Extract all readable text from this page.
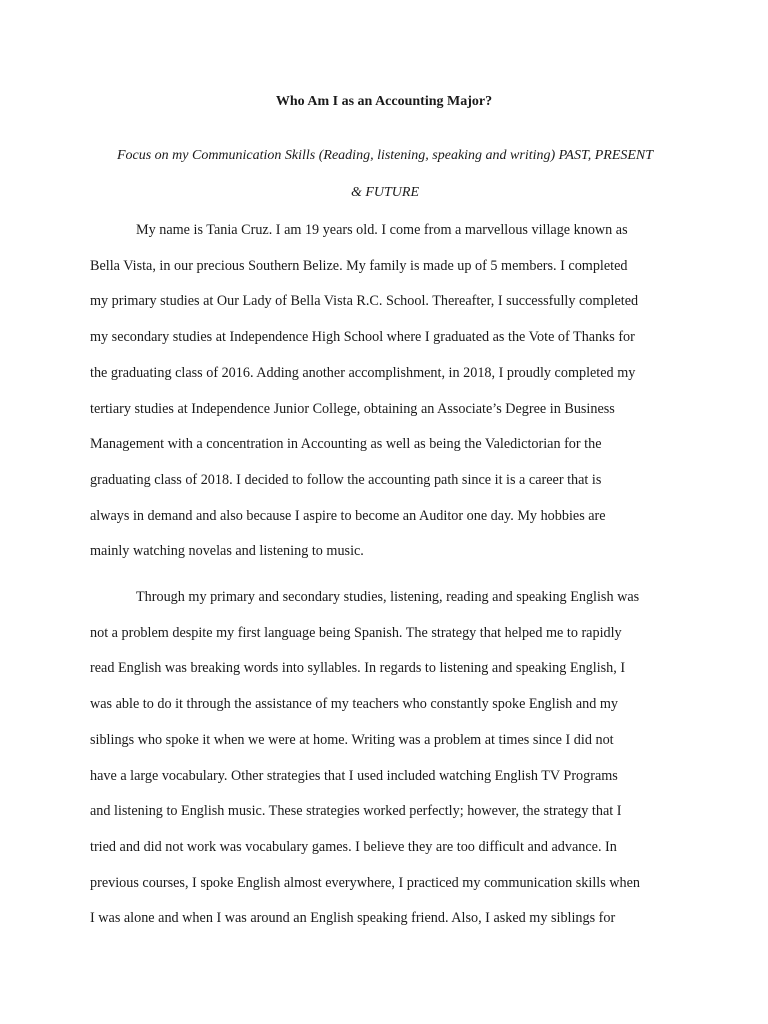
Who Am I as an Accounting Major?
Focus on my Communication Skills (Reading, listening, speaking and writing) PAST, PRESENT
& FUTURE
My name is Tania Cruz. I am 19 years old. I come from a marvellous village known as
Bella Vista, in our precious Southern Belize. My family is made up of 5 members. I completed
my primary studies at Our Lady of Bella Vista R.C. School. Thereafter, I successfully completed
my secondary studies at Independence High School where I graduated as the Vote of Thanks for
the graduating class of 2016. Adding another accomplishment, in 2018, I proudly completed my
tertiary studies at Independence Junior College, obtaining an Associate’s Degree in Business
Management with a concentration in Accounting as well as being the Valedictorian for the
graduating class of 2018. I decided to follow the accounting path since it is a career that is
always in demand and also because I aspire to become an Auditor one day. My hobbies are
mainly watching novelas and listening to music.
Through my primary and secondary studies, listening, reading and speaking English was
not a problem despite my first language being Spanish. The strategy that helped me to rapidly
read English was breaking words into syllables. In regards to listening and speaking English, I
was able to do it through the assistance of my teachers who constantly spoke English and my
siblings who spoke it when we were at home. Writing was a problem at times since I did not
have a large vocabulary. Other strategies that I used included watching English TV Programs
and listening to English music. These strategies worked perfectly; however, the strategy that I
tried and did not work was vocabulary games. I believe they are too difficult and advance. In
previous courses, I spoke English almost everywhere, I practiced my communication skills when
I was alone and when I was around an English speaking friend. Also, I asked my siblings for
